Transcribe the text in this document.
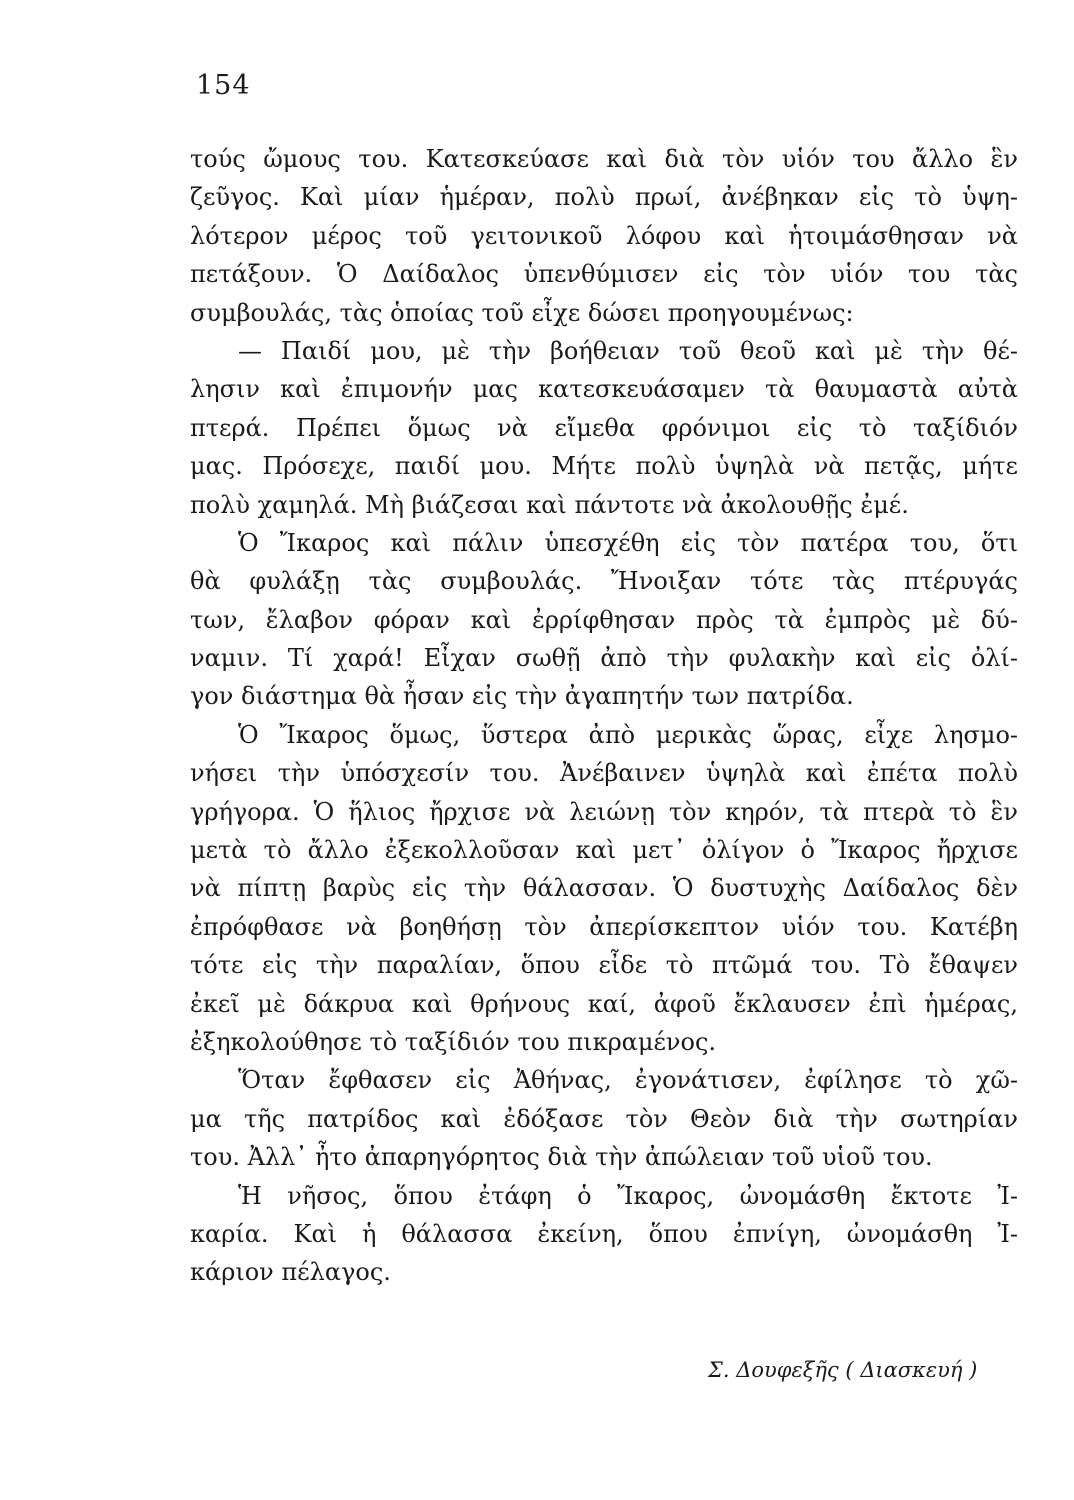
154
τούς ὤμους του. Κατεσκεύασε καὶ διὰ τὸν υἱόν του ἄλλο ἓν
ζεῦγος. Καὶ μίαν ἡμέραν, πολὺ πρωί, ἀνέβηκαν εἰς τὸ ὑψη-
λότερον μέρος τοῦ γειτονικοῦ λόφου καὶ ἡτοιμάσθησαν νὰ
πετάξουν. Ὁ Δαίδαλος ὑπενθύμισεν εἰς τὸν υἱόν του τὰς
συμβουλάς, τὰς ὁποίας τοῦ εἶχε δώσει προηγουμένως:
— Παιδί μου, μὲ τὴν βοήθειαν τοῦ θεοῦ καὶ μὲ τὴν θέ-
λησιν καὶ ἐπιμονήν μας κατεσκευάσαμεν τὰ θαυμαστὰ αὐτὰ
πτερά. Πρέπει ὅμως νὰ εἴμεθα φρόνιμοι εἰς τὸ ταξίδιόν
μας. Πρόσεχε, παιδί μου. Μήτε πολὺ ὑψηλὰ νὰ πετᾷς, μήτε
πολὺ χαμηλά. Μὴ βιάζεσαι καὶ πάντοτε νὰ ἀκολουθῇς ἐμέ.
Ὁ Ἴκαρος καὶ πάλιν ὑπεσχέθη εἰς τὸν πατέρα του, ὅτι
θὰ φυλάξῃ τὰς συμβουλάς. Ἤνοιξαν τότε τὰς πτέρυγάς
των, ἔλαβον φόραν καὶ ἐρρίφθησαν πρὸς τὰ ἐμπρὸς μὲ δύ-
ναμιν. Τί χαρά! Εἶχαν σωθῇ ἀπὸ τὴν φυλακὴν καὶ εἰς ὀλί-
γον διάστημα θὰ ἦσαν εἰς τὴν ἀγαπητήν των πατρίδα.
Ὁ Ἴκαρος ὅμως, ὕστερα ἀπὸ μερικὰς ὥρας, εἶχε λησμο-
νήσει τὴν ὑπόσχεσίν του. Ἀνέβαινεν ὑψηλὰ καὶ ἐπέτα πολὺ
γρήγορα. Ὁ ἥλιος ἤρχισε νὰ λειώνῃ τὸν κηρόν, τὰ πτερὰ τὸ ἓν
μετὰ τὸ ἄλλο ἐξεκολλοῦσαν καὶ μετ᾽ ὀλίγον ὁ Ἴκαρος ἤρχισε
νὰ πίπτῃ βαρὺς εἰς τὴν θάλασσαν. Ὁ δυστυχὴς Δαίδαλος δὲν
ἐπρόφθασε νὰ βοηθήσῃ τὸν ἀπερίσκεπτον υἱόν του. Κατέβη
τότε εἰς τὴν παραλίαν, ὅπου εἶδε τὸ πτῶμά του. Τὸ ἔθαψεν
ἐκεῖ μὲ δάκρυα καὶ θρήνους καί, ἀφοῦ ἔκλαυσεν ἐπὶ ἡμέρας,
ἐξηκολούθησε τὸ ταξίδιόν του πικραμένος.
Ὅταν ἔφθασεν εἰς Ἀθήνας, ἐγονάτισεν, ἐφίλησε τὸ χῶ-
μα τῆς πατρίδος καὶ ἐδόξασε τὸν Θεὸν διὰ τὴν σωτηρίαν
του. Ἀλλ᾽ ἦτο ἀπαρηγόρητος διὰ τὴν ἀπώλειαν τοῦ υἱοῦ του.
Ἡ νῆσος, ὅπου ἐτάφη ὁ Ἴκαρος, ὠνομάσθη ἔκτοτε Ἰ-
καρία. Καὶ ἡ θάλασσα ἐκείνη, ὅπου ἐπνίγη, ὠνομάσθη Ἰ-
κάριον πέλαγος.
Σ. Δουφεξῆς ( Διασκευή )
